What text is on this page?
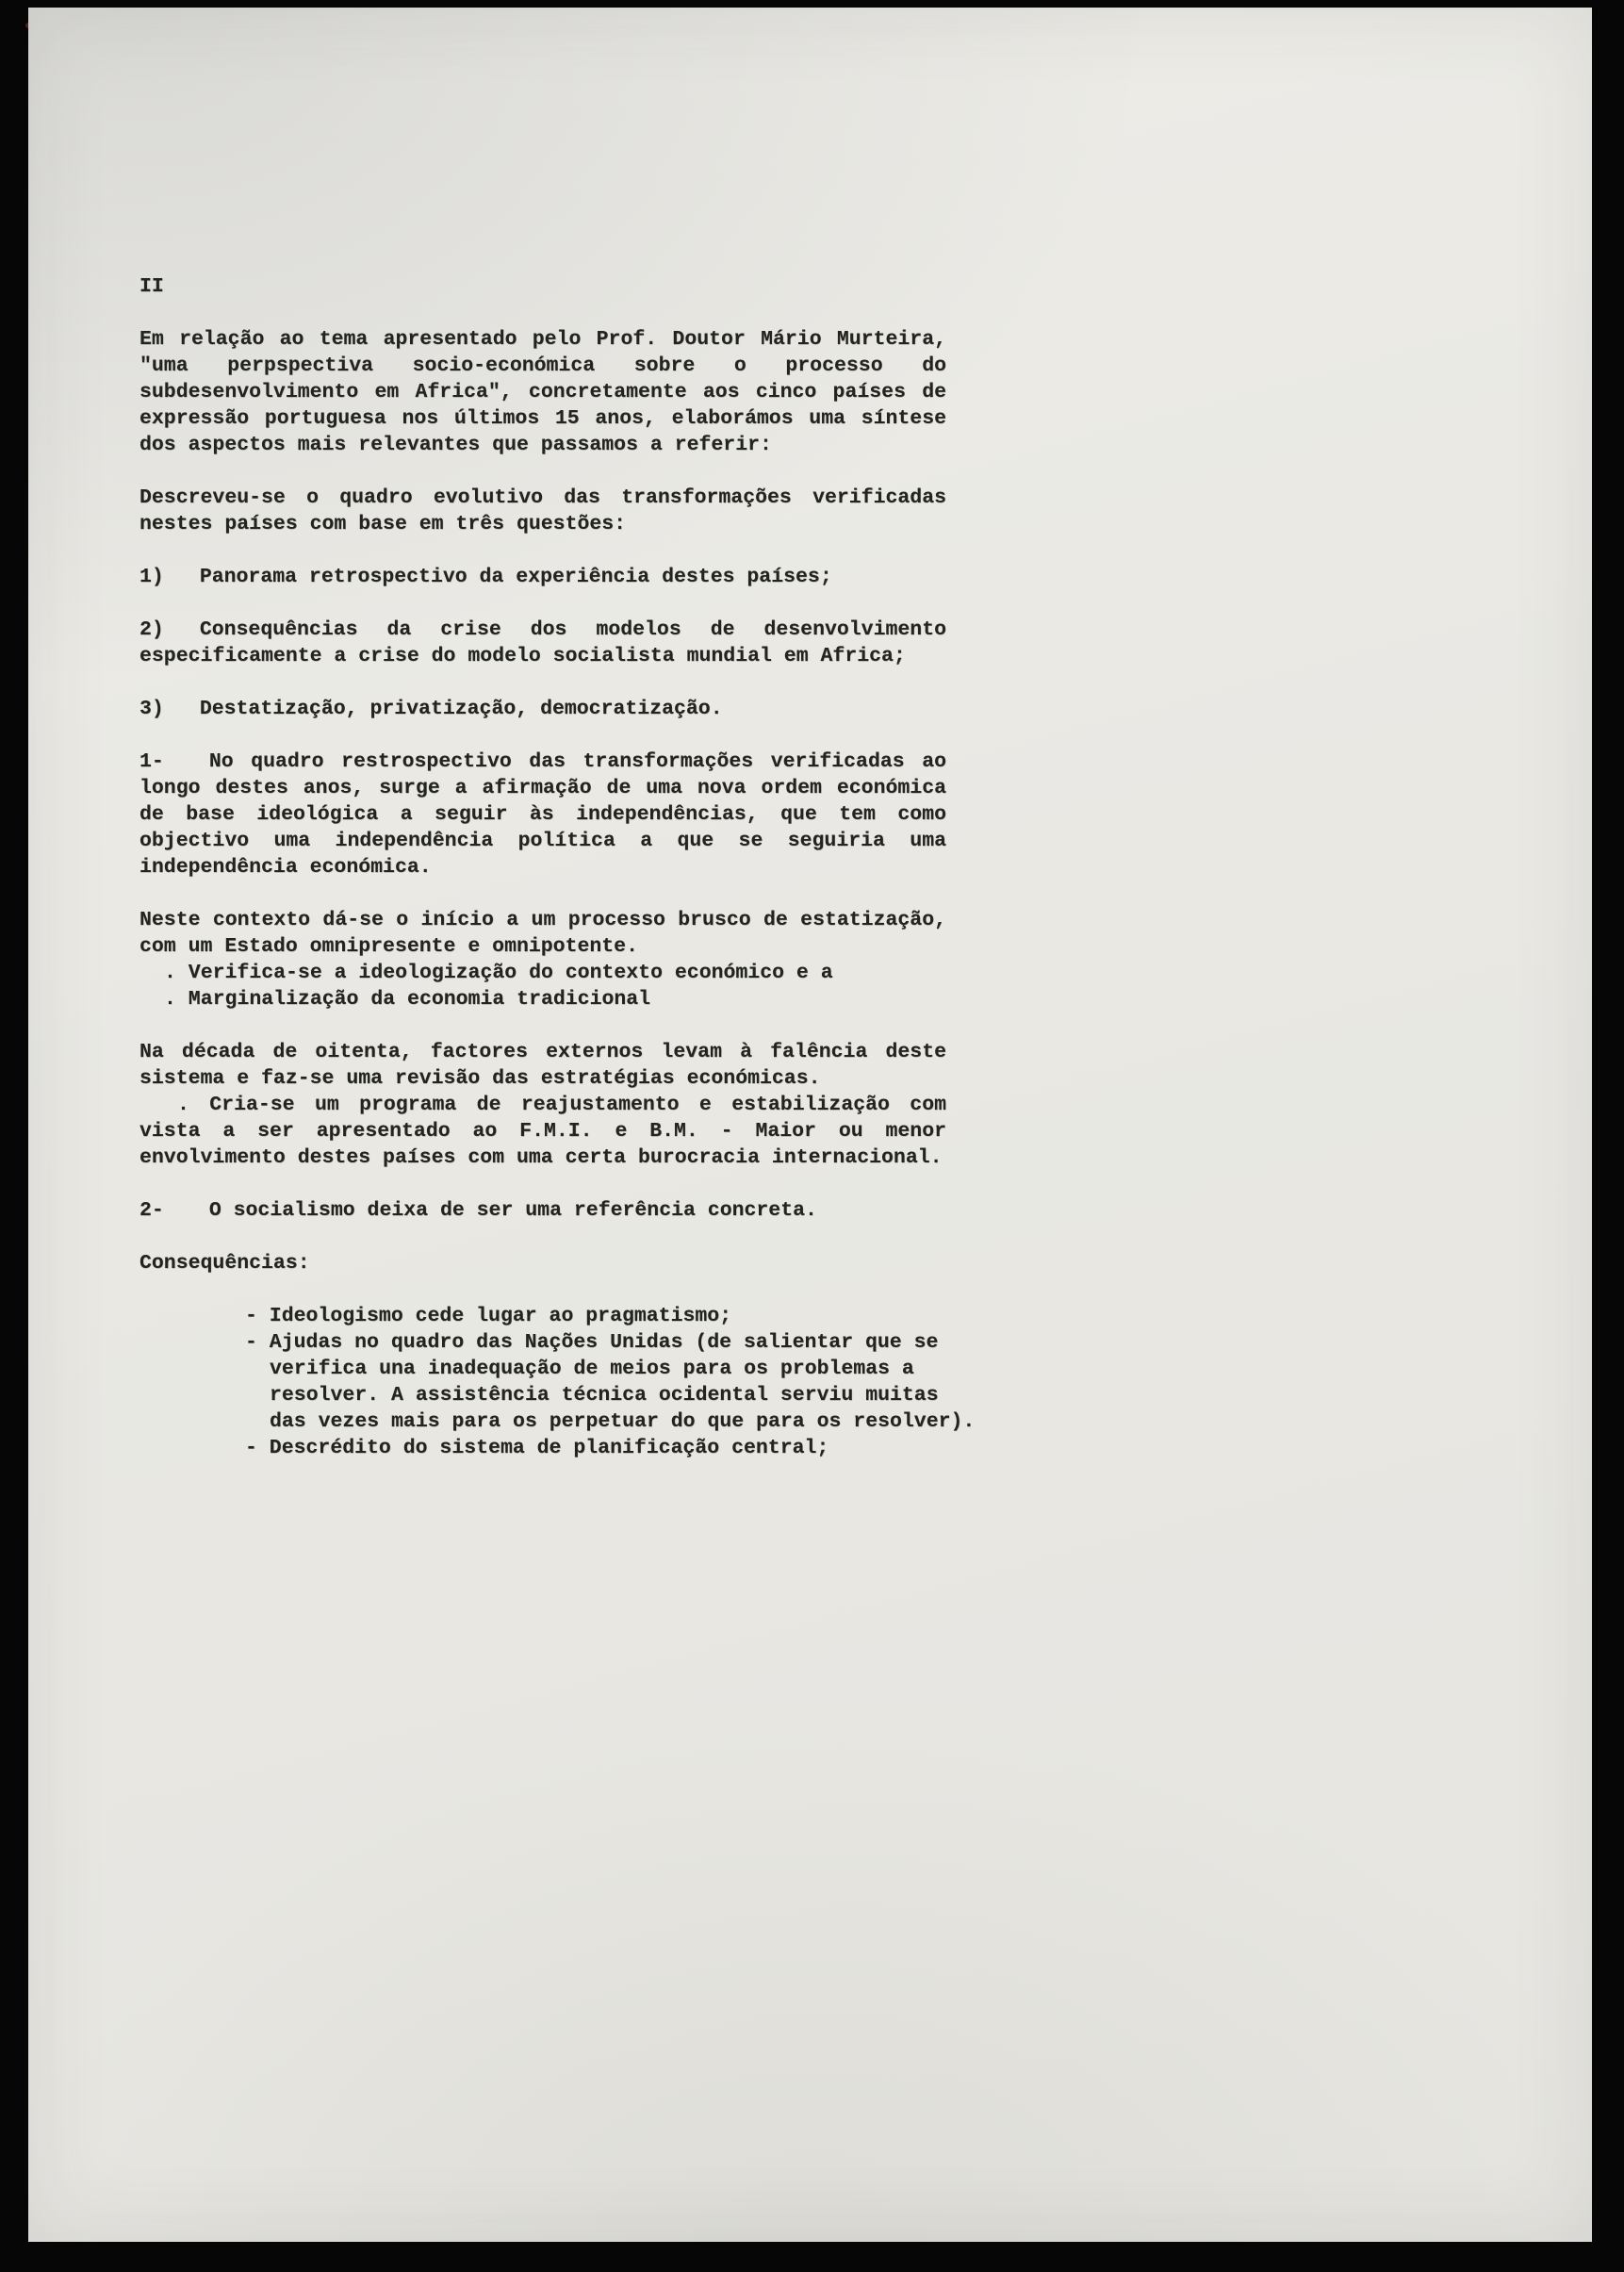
II

Em relação ao tema apresentado pelo Prof. Doutor Mário Murteira, "uma perpspectiva socio-económica sobre o processo do subdesenvolvimento em Africa", concretamente aos cinco países de expressão portuguesa nos últimos 15 anos, elaborámos uma síntese dos aspectos mais relevantes que passamos a referir:

Descreveu-se o quadro evolutivo das transformações verificadas nestes países com base em três questões:

1) Panorama retrospectivo da experiência destes países;

2) Consequências da crise dos modelos de desenvolvimento especificamente a crise do modelo socialista mundial em Africa;

3) Destatização, privatização, democratização.

1- No quadro restrospectivo das transformações verificadas ao longo destes anos, surge a afirmação de uma nova ordem económica de base ideológica a seguir às independências, que tem como objectivo uma independência política a que se seguiria uma independência económica.

Neste contexto dá-se o início a um processo brusco de estatização, com um Estado omnipresente e omnipotente.

. Verifica-se a ideologização do contexto económico e a

. Marginalização da economia tradicional

Na década de oitenta, factores externos levam à falência deste sistema e faz-se uma revisão das estratégias económicas.

. Cria-se um programa de reajustamento e estabilização com vista a ser apresentado ao F.M.I. e B.M. - Maior ou menor envolvimento destes países com uma certa burocracia internacional.

2- O socialismo deixa de ser uma referência concreta.

Consequências:

- Ideologismo cede lugar ao pragmatismo;

- Ajudas no quadro das Nações Unidas (de salientar que se verifica una inadequação de meios para os problemas a resolver. A assistência técnica ocidental serviu muitas das vezes mais para os perpetuar do que para os resolver).

- Descrédito do sistema de planificação central;
